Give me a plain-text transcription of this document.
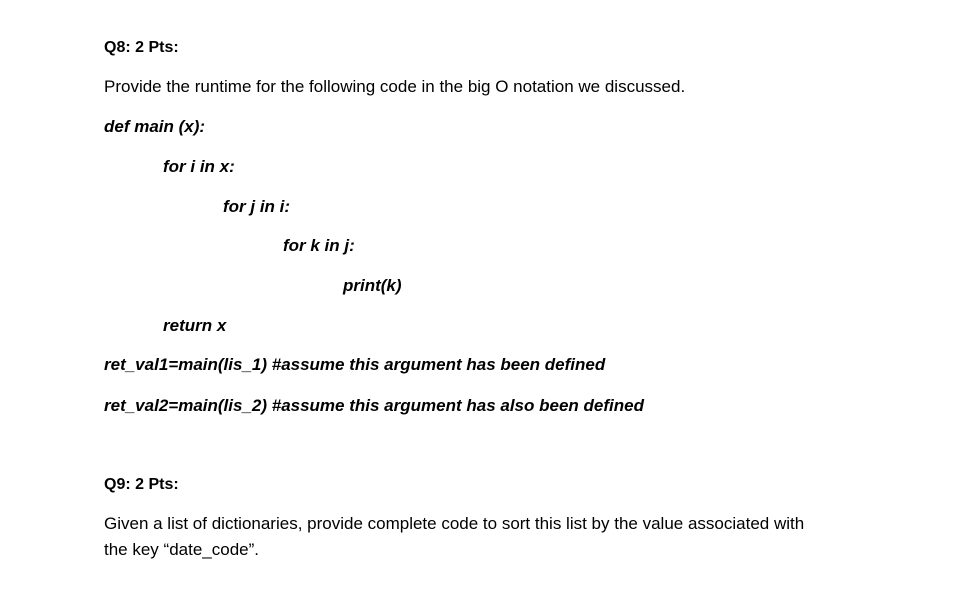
Q8: 2 Pts:
Provide the runtime for the following code in the big O notation we discussed.
def main (x):
for i in x:
for j in i:
for k in j:
print(k)
return x
ret_val1=main(lis_1) #assume this argument has been defined
ret_val2=main(lis_2) #assume this argument has also been defined
Q9: 2 Pts:
Given a list of dictionaries, provide complete code to sort this list by the value associated with
the key “date_code”.
